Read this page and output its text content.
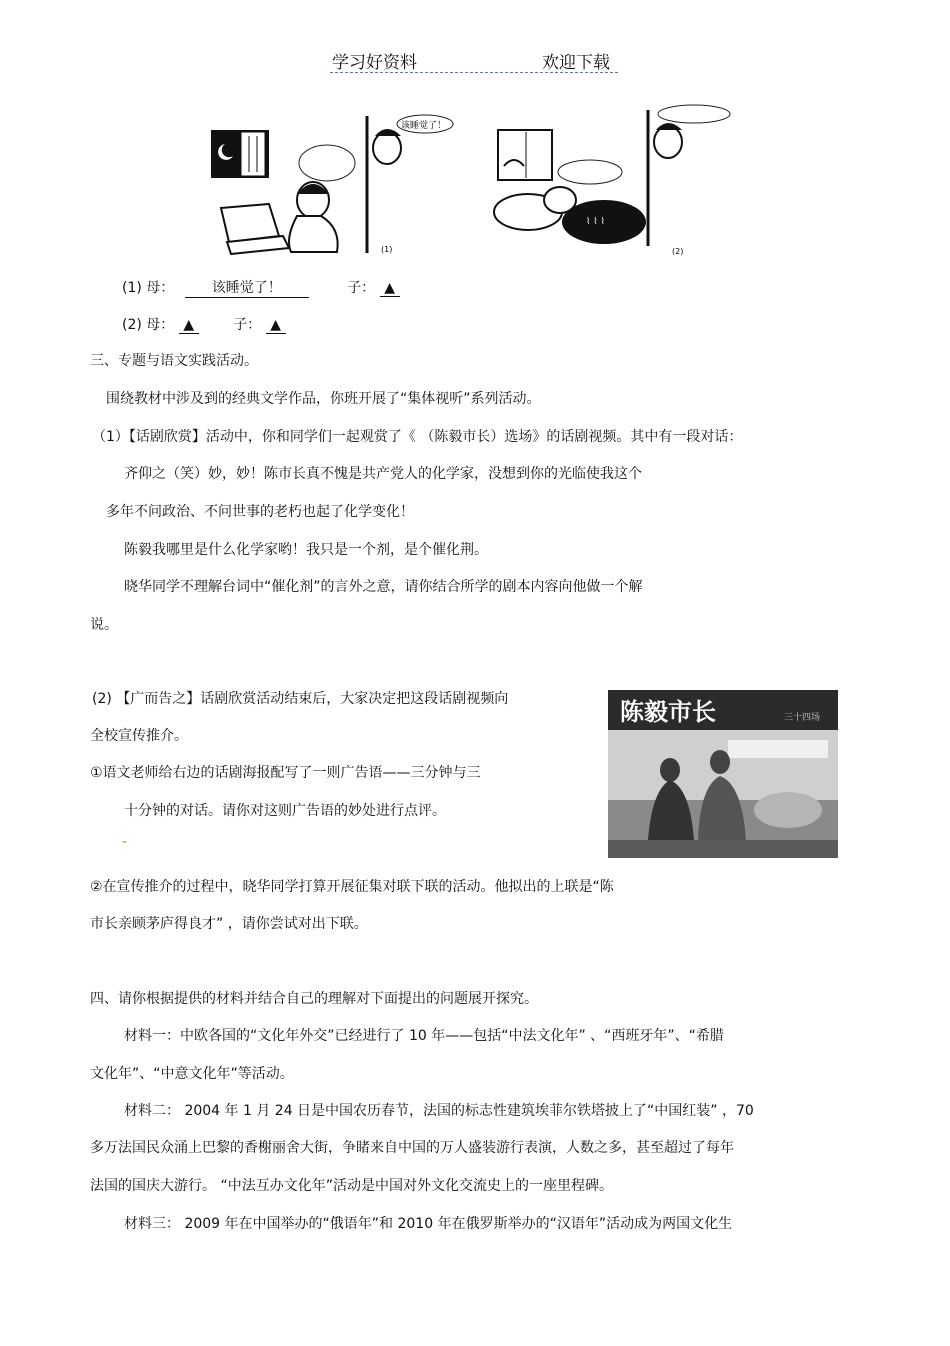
学习好资料	欢迎下载
该睡觉了！
(1)
⌇ ⌇ ⌇
(2)
(1) 母：	该睡觉了！	子： ▲
(2) 母： ▲	子： ▲
三、专题与语文实践活动。
围绕教材中涉及到的经典文学作品，你班开展了“集体视听”系列活动。
（1）【话剧欣赏】活动中，你和同学们一起观赏了《 （陈毅市长）选场》的话剧视频。其中有一段对话：
齐仰之（笑）妙，妙！陈市长真不愧是共产党人的化学家，没想到你的光临使我这个
多年不问政治、不问世事的老朽也起了化学变化！
陈毅我哪里是什么化学家哟！我只是一个剂，是个催化荆。
晓华同学不理解台词中“催化剂”的言外之意，请你结合所学的剧本内容向他做一个解
说。
(2) 【广而告之】话剧欣赏活动结束后，大家决定把这段话剧视频向
全校宣传推介。
①语文老师给右边的话剧海报配写了一则广告语——三分钟与三
十分钟的对话。请你对这则广告语的妙处进行点评。
-
②在宣传推介的过程中，晓华同学打算开展征集对联下联的活动。他拟出的上联是“陈
市长亲顾茅庐得良才” ，请你尝试对出下联。
陈毅市长	三十四场
四、请你根据提供的材料并结合自己的理解对下面提出的问题展开探究。
材料一：中欧各国的“文化年外交”已经进行了 10 年——包括“中法文化年” 、“西班牙年”、“希腊
文化年”、“中意文化年”等活动。
材料二： 2004 年 1 月 24 日是中国农历春节，法国的标志性建筑埃菲尔铁塔披上了“中国红装” ，70
多万法国民众涌上巴黎的香榭丽舍大街，争睹来自中国的万人盛装游行表演，人数之多，甚至超过了每年
法国的国庆大游行。 “中法互办文化年”活动是中国对外文化交流史上的一座里程碑。
材料三： 2009 年在中国举办的“俄语年”和 2010 年在俄罗斯举办的“汉语年”活动成为两国文化生
